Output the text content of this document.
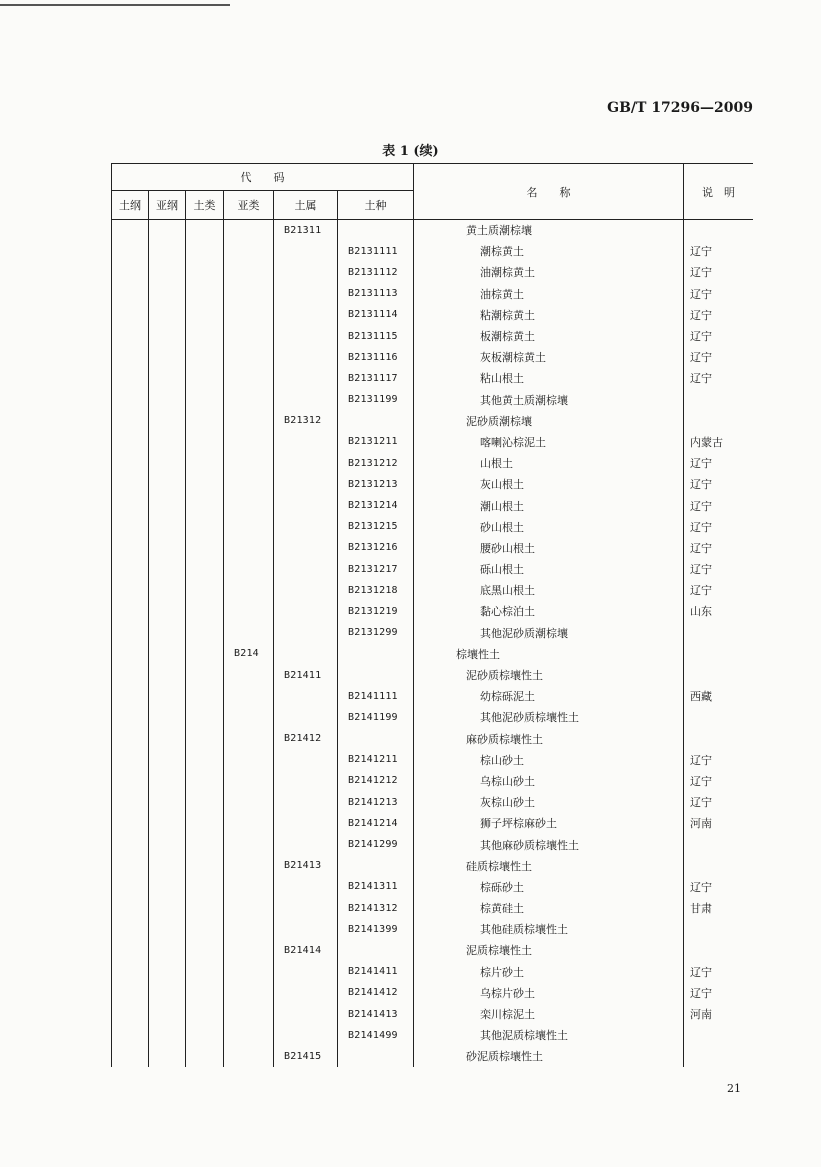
GB/T 17296—2009
表 1 (续)
代　　码						名　　称	说　明
土纲	亚纲	土类	亚类	土属	土种		
				B21311		黄土质潮棕壤	
					B2131111	潮棕黄土	辽宁
					B2131112	油潮棕黄土	辽宁
					B2131113	油棕黄土	辽宁
					B2131114	粘潮棕黄土	辽宁
					B2131115	板潮棕黄土	辽宁
					B2131116	灰板潮棕黄土	辽宁
					B2131117	粘山根土	辽宁
					B2131199	其他黄土质潮棕壤	
				B21312		泥砂质潮棕壤	
					B2131211	喀喇沁棕泥土	内蒙古
					B2131212	山根土	辽宁
					B2131213	灰山根土	辽宁
					B2131214	潮山根土	辽宁
					B2131215	砂山根土	辽宁
					B2131216	腰砂山根土	辽宁
					B2131217	砾山根土	辽宁
					B2131218	底黑山根土	辽宁
					B2131219	黏心棕泊土	山东
					B2131299	其他泥砂质潮棕壤	
			B214			棕壤性土	
				B21411		泥砂质棕壤性土	
					B2141111	幼棕砾泥土	西藏
					B2141199	其他泥砂质棕壤性土	
				B21412		麻砂质棕壤性土	
					B2141211	棕山砂土	辽宁
					B2141212	乌棕山砂土	辽宁
					B2141213	灰棕山砂土	辽宁
					B2141214	狮子坪棕麻砂土	河南
					B2141299	其他麻砂质棕壤性土	
				B21413		硅质棕壤性土	
					B2141311	棕砾砂土	辽宁
					B2141312	棕黄硅土	甘肃
					B2141399	其他硅质棕壤性土	
				B21414		泥质棕壤性土	
					B2141411	棕片砂土	辽宁
					B2141412	乌棕片砂土	辽宁
					B2141413	栾川棕泥土	河南
					B2141499	其他泥质棕壤性土	
				B21415		砂泥质棕壤性土	
21
